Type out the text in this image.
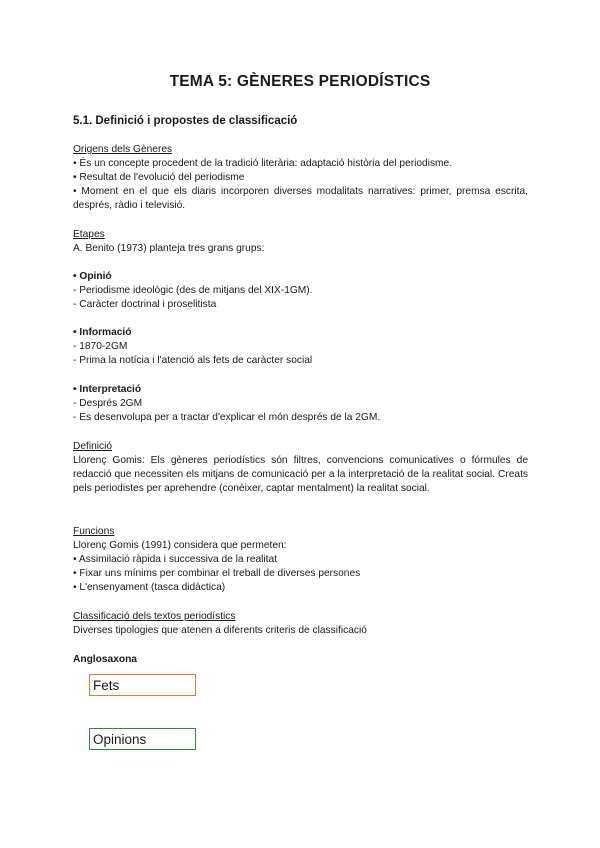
TEMA 5: GÈNERES PERIODÍSTICS
5.1. Definició i propostes de classificació
Origens dels Gèneres
• És un concepte procedent de la tradició literària: adaptació història del periodisme.
• Resultat de l'evolució del periodisme
• Moment en el que els diaris incorporen diverses modalitats narratives: primer, premsa escrita, després, ràdio i televisió.
Etapes
A. Benito (1973) planteja tres grans grups:
• Opinió
- Periodisme ideològic (des de mitjans del XIX-1GM).
- Caràcter doctrinal i proselitista
• Informació
- 1870-2GM
- Prima la notícia i l'atenció als fets de caràcter social
• Interpretació
- Després 2GM
- Es desenvolupa per a tractar d'explicar el món després de la 2GM.
Definició
Llorenç Gomis: Els gèneres periodístics són filtres, convencions comunicatives o fórmules de redacció que necessiten els mitjans de comunicació per a la interpretació de la realitat social. Creats pels periodistes per aprehendre (conèixer, captar mentalment) la realitat social.
Funcions
Llorenç Gomis (1991) considera que permeten:
• Assimilació ràpida i successiva de la realitat
• Fixar uns mínims per combinar el treball de diverses persones
• L'ensenyament (tasca didàctica)
Classificació dels textos periodístics
Diverses tipologies que atenen a diferents criteris de classificació
Anglosaxona
Fets
Opinions
